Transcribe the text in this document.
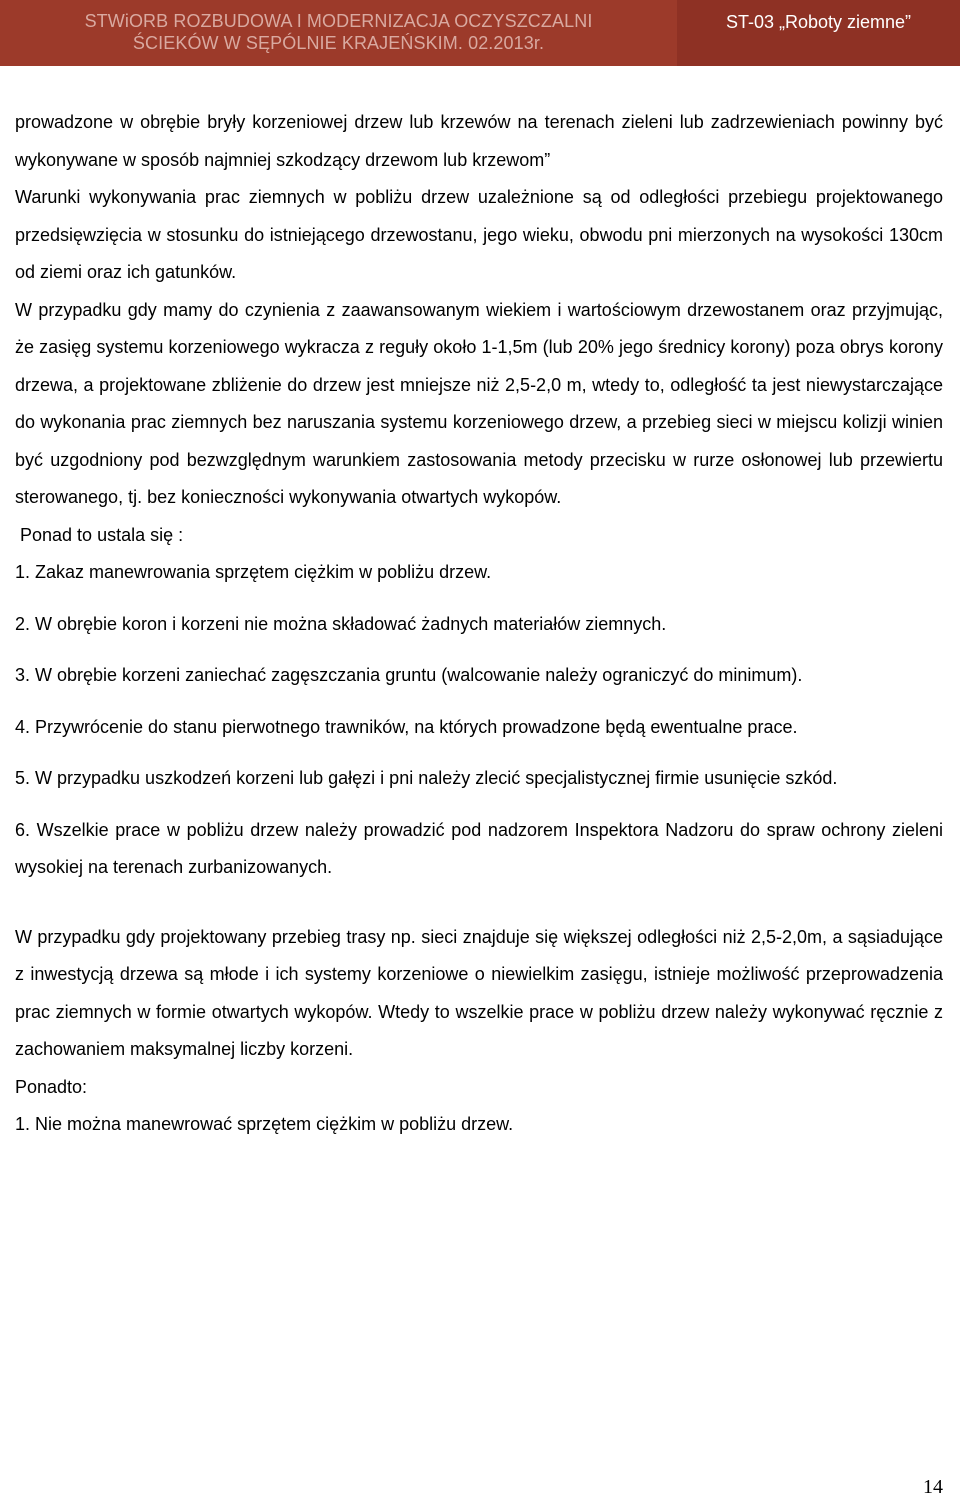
STWiORB ROZBUDOWA I MODERNIZACJA OCZYSZCZALNI
ŚCIEKÓW W SĘPÓLNIE KRAJEŃSKIM. 02.2013r.
ST-03 „Roboty ziemne”

prowadzone w obrębie bryły korzeniowej drzew lub krzewów na terenach zieleni lub zadrzewieniach powinny być wykonywane w sposób najmniej szkodzący drzewom lub krzewom”

Warunki wykonywania prac ziemnych w pobliżu drzew uzależnione są od odległości przebiegu projektowanego przedsięwzięcia w stosunku do istniejącego drzewostanu, jego wieku, obwodu pni mierzonych na wysokości 130cm od ziemi oraz ich gatunków.

W przypadku gdy mamy do czynienia z zaawansowanym wiekiem i wartościowym drzewostanem oraz przyjmując, że zasięg systemu korzeniowego wykracza z reguły około 1-1,5m (lub 20% jego średnicy korony) poza obrys korony drzewa, a projektowane zbliżenie do drzew jest mniejsze niż 2,5-2,0 m, wtedy to, odległość ta jest niewystarczające do wykonania prac ziemnych bez naruszania systemu korzeniowego drzew, a przebieg sieci w miejscu kolizji winien być uzgodniony pod bezwzględnym warunkiem zastosowania metody przecisku w rurze osłonowej lub przewiertu sterowanego, tj. bez konieczności wykonywania otwartych wykopów.

Ponad to ustala się :

1. Zakaz manewrowania sprzętem ciężkim w pobliżu drzew.

2. W obrębie koron i korzeni nie można składować żadnych materiałów ziemnych.

3. W obrębie korzeni zaniechać zagęszczania gruntu (walcowanie należy ograniczyć do minimum).

4. Przywrócenie do stanu pierwotnego trawników, na których prowadzone będą ewentualne prace.

5. W przypadku uszkodzeń korzeni lub gałęzi i pni należy zlecić specjalistycznej firmie usunięcie szkód.

6. Wszelkie prace w pobliżu drzew należy prowadzić pod nadzorem Inspektora Nadzoru do spraw ochrony zieleni wysokiej na terenach zurbanizowanych.

W przypadku gdy projektowany przebieg trasy np. sieci znajduje się większej odległości niż 2,5-2,0m, a sąsiadujące z inwestycją drzewa są młode i ich systemy korzeniowe o niewielkim zasięgu, istnieje możliwość przeprowadzenia prac ziemnych w formie otwartych wykopów. Wtedy to wszelkie prace w pobliżu drzew należy wykonywać ręcznie z zachowaniem maksymalnej liczby korzeni.

Ponadto:

1. Nie można manewrować sprzętem ciężkim w pobliżu drzew.

14
